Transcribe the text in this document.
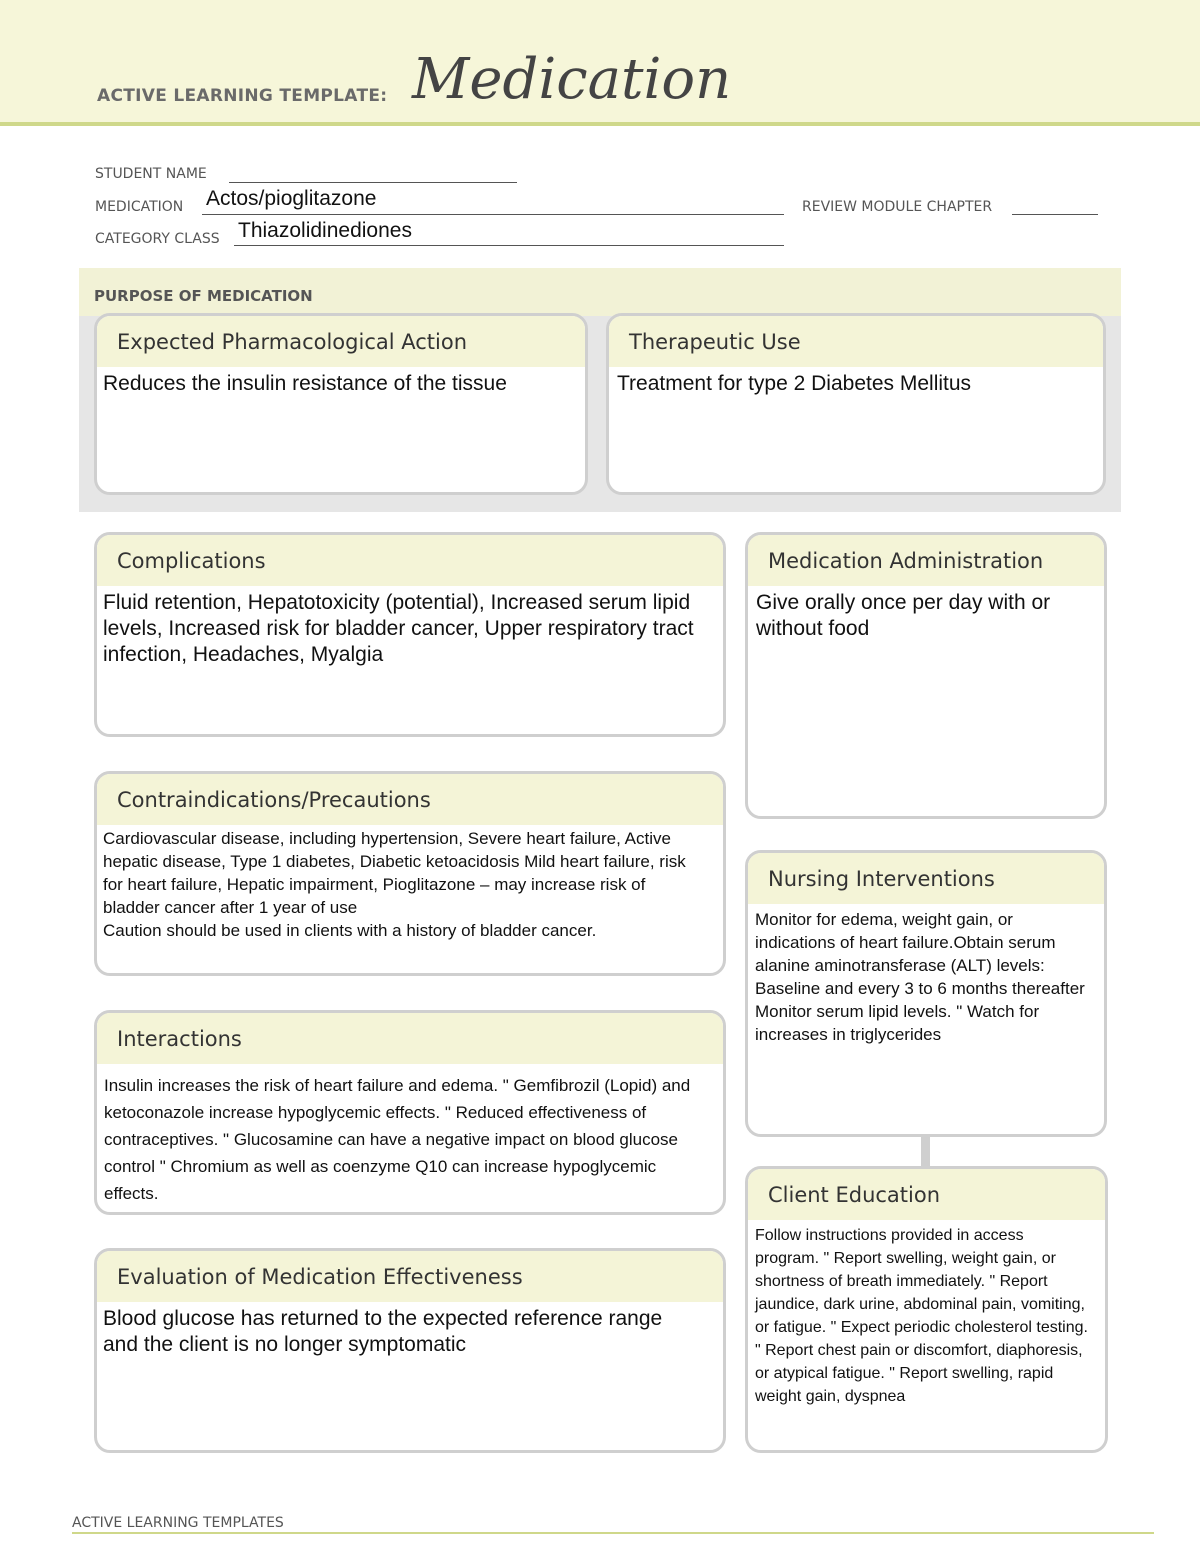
ACTIVE LEARNING TEMPLATE: Medication
STUDENT NAME
MEDICATION Actos/pioglitazone	REVIEW MODULE CHAPTER
CATEGORY CLASS Thiazolidinediones
PURPOSE OF MEDICATION
Expected Pharmacological Action
Reduces the insulin resistance of the tissue
Therapeutic Use
Treatment for type 2 Diabetes Mellitus
Complications
Fluid retention, Hepatotoxicity (potential), Increased serum lipid levels, Increased risk for bladder cancer, Upper respiratory tract infection, Headaches, Myalgia
Medication Administration
Give orally once per day with or without food
Contraindications/Precautions
Cardiovascular disease, including hypertension, Severe heart failure, Active hepatic disease, Type 1 diabetes, Diabetic ketoacidosis Mild heart failure, risk for heart failure, Hepatic impairment, Pioglitazone – may increase risk of bladder cancer after 1 year of use
Caution should be used in clients with a history of bladder cancer.
Nursing Interventions
Monitor for edema, weight gain, or indications of heart failure.Obtain serum alanine aminotransferase (ALT) levels: Baseline and every 3 to 6 months thereafter Monitor serum lipid levels. " Watch for increases in triglycerides
Interactions
Insulin increases the risk of heart failure and edema. " Gemfibrozil (Lopid) and ketoconazole increase hypoglycemic effects. " Reduced effectiveness of contraceptives. " Glucosamine can have a negative impact on blood glucose control " Chromium as well as coenzyme Q10 can increase hypoglycemic effects.	Client Education
Follow instructions provided in access program. " Report swelling, weight gain, or shortness of breath immediately. " Report jaundice, dark urine, abdominal pain, vomiting, or fatigue. " Expect periodic cholesterol testing. " Report chest pain or discomfort, diaphoresis, or atypical fatigue. " Report swelling, rapid weight gain, dyspnea
Evaluation of Medication Effectiveness
Blood glucose has returned to the expected reference range and the client is no longer symptomatic
ACTIVE LEARNING TEMPLATES
